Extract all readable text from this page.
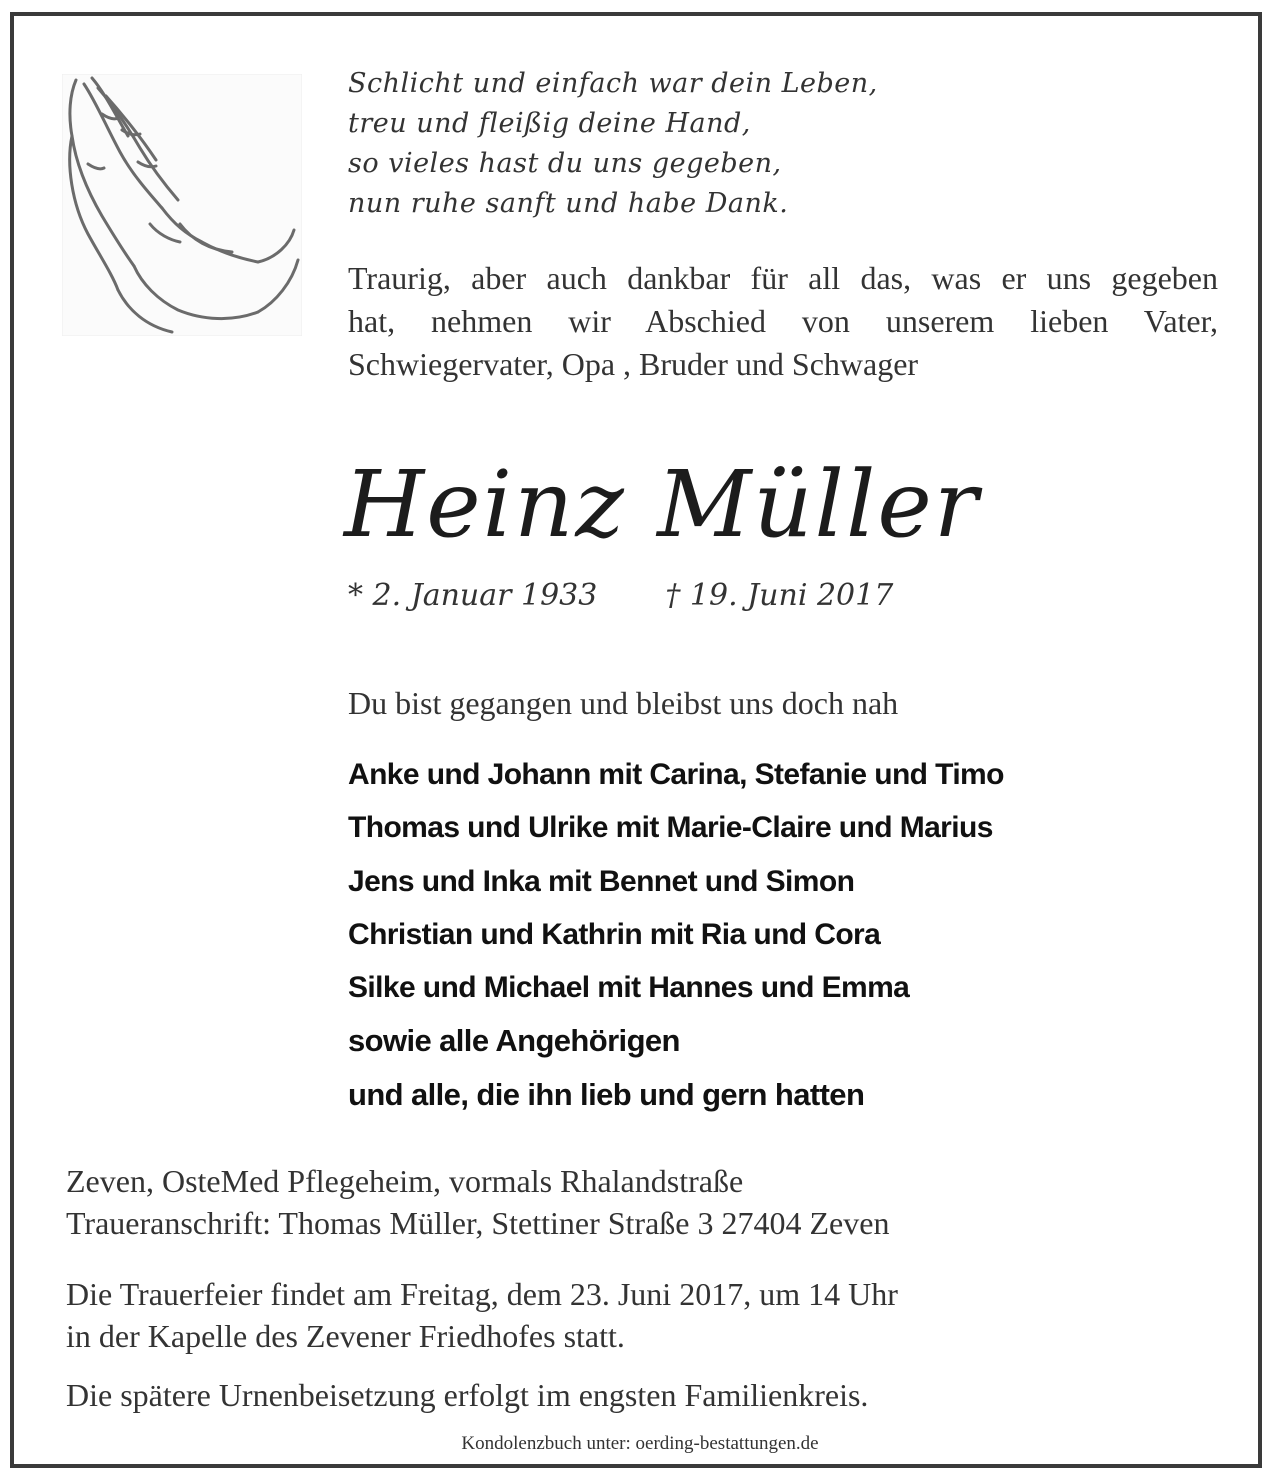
Schlicht und einfach war dein Leben,
treu und fleißig deine Hand,
so vieles hast du uns gegeben,
nun ruhe sanft und habe Dank.
Traurig, aber auch dankbar für all das, was er uns gegeben
hat, nehmen wir Abschied von unserem lieben Vater,
Schwiegervater, Opa , Bruder und Schwager
Heinz Müller
* 2. Januar 1933 † 19. Juni 2017
Du bist gegangen und bleibst uns doch nah
Anke und Johann mit Carina, Stefanie und Timo
Thomas und Ulrike mit Marie-Claire und Marius
Jens und Inka mit Bennet und Simon
Christian und Kathrin mit Ria und Cora
Silke und Michael mit Hannes und Emma
sowie alle Angehörigen
und alle, die ihn lieb und gern hatten
Zeven, OsteMed Pflegeheim, vormals Rhalandstraße
Traueranschrift: Thomas Müller, Stettiner Straße 3 27404 Zeven
Die Trauerfeier findet am Freitag, dem 23. Juni 2017, um 14 Uhr
in der Kapelle des Zevener Friedhofes statt.
Die spätere Urnenbeisetzung erfolgt im engsten Familienkreis.
Kondolenzbuch unter: oerding-bestattungen.de
